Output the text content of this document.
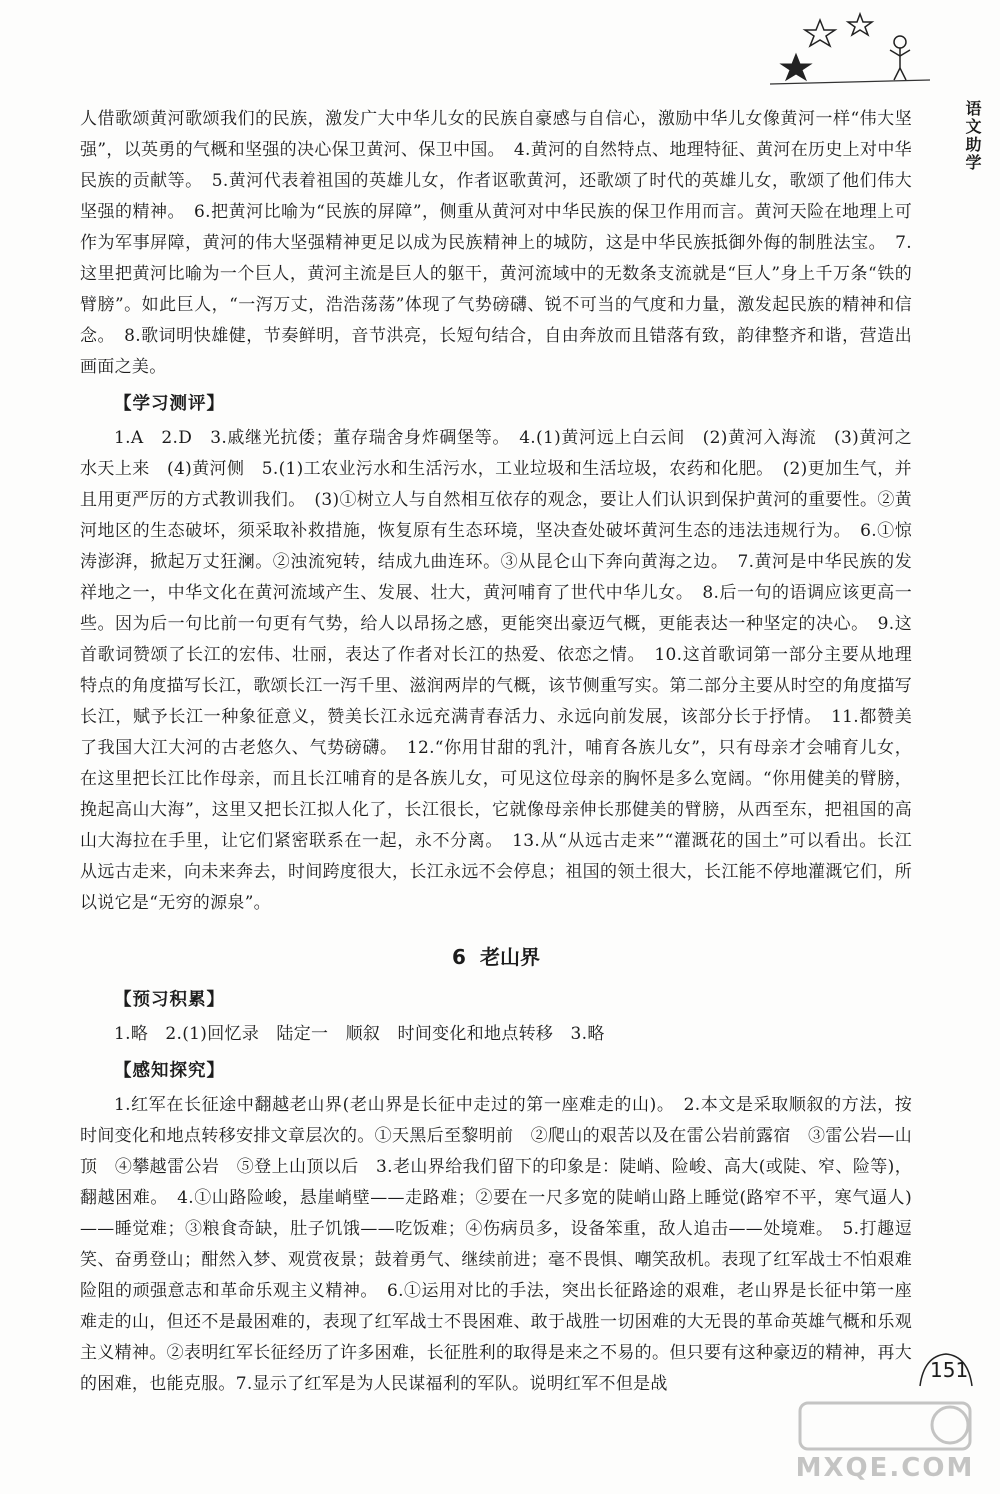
语文助学

人借歌颂黄河歌颂我们的民族，激发广大中华儿女的民族自豪感与自信心，激励中华儿女像黄河一样“伟大坚强”，以英勇的气概和坚强的决心保卫黄河、保卫中国。　4.黄河的自然特点、地理特征、黄河在历史上对中华民族的贡献等。　5.黄河代表着祖国的英雄儿女，作者讴歌黄河，还歌颂了时代的英雄儿女，歌颂了他们伟大坚强的精神。　6.把黄河比喻为“民族的屏障”，侧重从黄河对中华民族的保卫作用而言。黄河天险在地理上可作为军事屏障，黄河的伟大坚强精神更足以成为民族精神上的城防，这是中华民族抵御外侮的制胜法宝。　7.这里把黄河比喻为一个巨人，黄河主流是巨人的躯干，黄河流域中的无数条支流就是“巨人”身上千万条“铁的臂膀”。如此巨人，“一泻万丈，浩浩荡荡”体现了气势磅礴、锐不可当的气度和力量，激发起民族的精神和信念。　8.歌词明快雄健，节奏鲜明，音节洪亮，长短句结合，自由奔放而且错落有致，韵律整齐和谐，营造出画面之美。

【学习测评】

1.A　2.D　3.戚继光抗倭；董存瑞舍身炸碉堡等。　4.(1)黄河远上白云间　(2)黄河入海流　(3)黄河之水天上来　(4)黄河侧　5.(1)工农业污水和生活污水，工业垃圾和生活垃圾，农药和化肥。　(2)更加生气，并且用更严厉的方式教训我们。　(3)①树立人与自然相互依存的观念，要让人们认识到保护黄河的重要性。②黄河地区的生态破坏，须采取补救措施，恢复原有生态环境，坚决查处破坏黄河生态的违法违规行为。　6.①惊涛澎湃，掀起万丈狂澜。②浊流宛转，结成九曲连环。③从昆仑山下奔向黄海之边。　7.黄河是中华民族的发祥地之一，中华文化在黄河流域产生、发展、壮大，黄河哺育了世代中华儿女。　8.后一句的语调应该更高一些。因为后一句比前一句更有气势，给人以昂扬之感，更能突出豪迈气概，更能表达一种坚定的决心。　9.这首歌词赞颂了长江的宏伟、壮丽，表达了作者对长江的热爱、依恋之情。　10.这首歌词第一部分主要从地理特点的角度描写长江，歌颂长江一泻千里、滋润两岸的气概，该节侧重写实。第二部分主要从时空的角度描写长江，赋予长江一种象征意义，赞美长江永远充满青春活力、永远向前发展，该部分长于抒情。　11.都赞美了我国大江大河的古老悠久、气势磅礴。　12.“你用甘甜的乳汁，哺育各族儿女”，只有母亲才会哺育儿女，在这里把长江比作母亲，而且长江哺育的是各族儿女，可见这位母亲的胸怀是多么宽阔。“你用健美的臂膀，挽起高山大海”，这里又把长江拟人化了，长江很长，它就像母亲伸长那健美的臂膀，从西至东，把祖国的高山大海拉在手里，让它们紧密联系在一起，永不分离。　13.从“从远古走来”“灌溉花的国土”可以看出。长江从远古走来，向未来奔去，时间跨度很大，长江永远不会停息；祖国的领土很大，长江能不停地灌溉它们，所以说它是“无穷的源泉”。

6 老山界
【预习积累】

1.略　2.(1)回忆录　陆定一　顺叙　时间变化和地点转移　3.略

【感知探究】

1.红军在长征途中翻越老山界(老山界是长征中走过的第一座难走的山)。　2.本文是采取顺叙的方法，按时间变化和地点转移安排文章层次的。①天黑后至黎明前　②爬山的艰苦以及在雷公岩前露宿　③雷公岩—山顶　④攀越雷公岩　⑤登上山顶以后　3.老山界给我们留下的印象是：陡峭、险峻、高大(或陡、窄、险等)，翻越困难。　4.①山路险峻，悬崖峭壁——走路难；②要在一尺多宽的陡峭山路上睡觉(路窄不平，寒气逼人)——睡觉难；③粮食奇缺，肚子饥饿——吃饭难；④伤病员多，设备笨重，敌人追击——处境难。　5.打趣逗笑、奋勇登山；酣然入梦、观赏夜景；鼓着勇气、继续前进；毫不畏惧、嘲笑敌机。表现了红军战士不怕艰难险阻的顽强意志和革命乐观主义精神。　6.①运用对比的手法，突出长征路途的艰难，老山界是长征中第一座难走的山，但还不是最困难的，表现了红军战士不畏困难、敢于战胜一切困难的大无畏的革命英雄气概和乐观主义精神。②表明红军长征经历了许多困难，长征胜利的取得是来之不易的。但只要有这种豪迈的精神，再大的困难，也能克服。7.显示了红军是为人民谋福利的军队。说明红军不但是战

151
MXQE.COM
